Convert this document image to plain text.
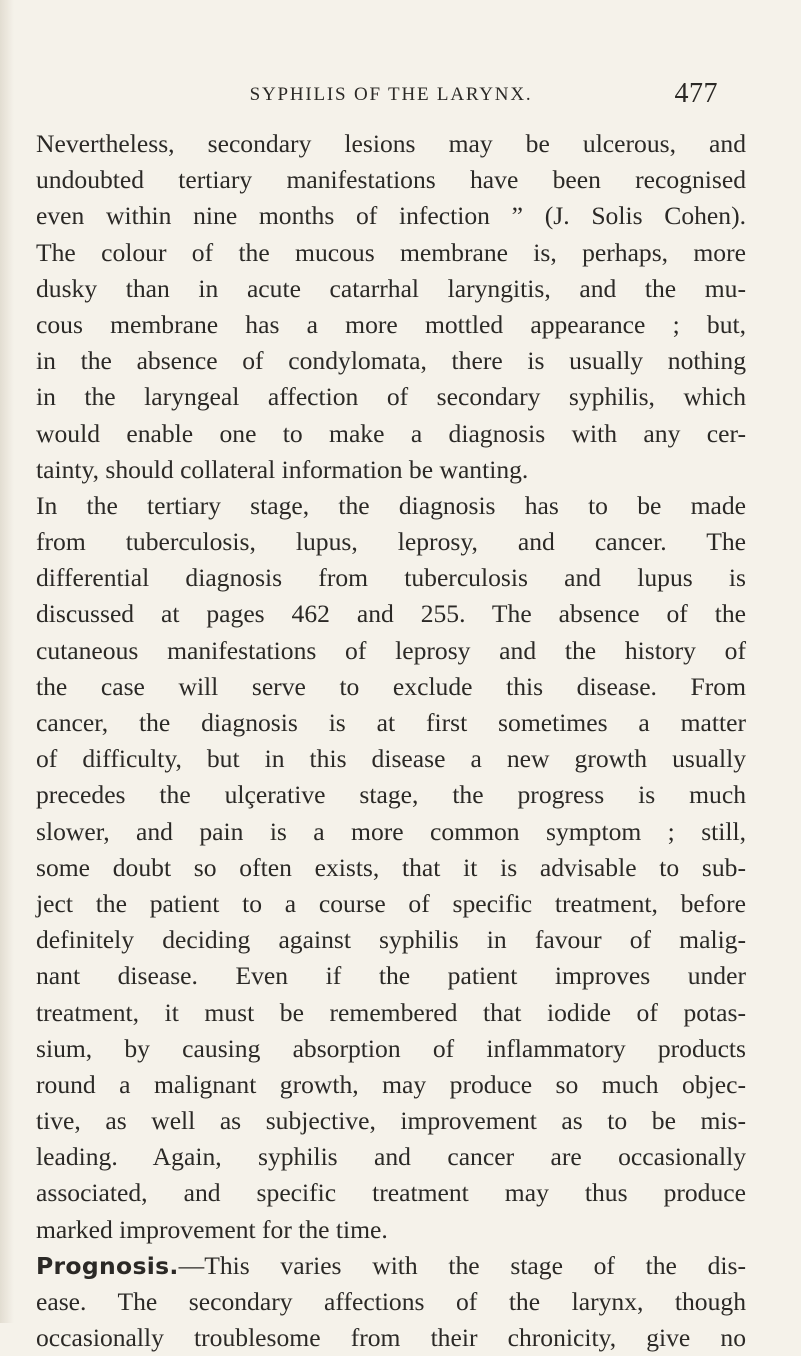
SYPHILIS OF THE LARYNX.	477
Nevertheless, secondary lesions may be ulcerous, and
undoubted tertiary manifestations have been recognised
even within nine months of infection ” (J. Solis Cohen).
The colour of the mucous membrane is, perhaps, more
dusky than in acute catarrhal laryngitis, and the mu-
cous membrane has a more mottled appearance ; but,
in the absence of condylomata, there is usually nothing
in the laryngeal affection of secondary syphilis, which
would enable one to make a diagnosis with any cer-
tainty, should collateral information be wanting.
In the tertiary stage, the diagnosis has to be made
from tuberculosis, lupus, leprosy, and cancer. The
differential diagnosis from tuberculosis and lupus is
discussed at pages 462 and 255. The absence of the
cutaneous manifestations of leprosy and the history of
the case will serve to exclude this disease. From
cancer, the diagnosis is at first sometimes a matter
of difficulty, but in this disease a new growth usually
precedes the ulçerative stage, the progress is much
slower, and pain is a more common symptom ; still,
some doubt so often exists, that it is advisable to sub-
ject the patient to a course of specific treatment, before
definitely deciding against syphilis in favour of malig-
nant disease. Even if the patient improves under
treatment, it must be remembered that iodide of potas-
sium, by causing absorption of inflammatory products
round a malignant growth, may produce so much objec-
tive, as well as subjective, improvement as to be mis-
leading. Again, syphilis and cancer are occasionally
associated, and specific treatment may thus produce
marked improvement for the time.
Prognosis.—This varies with the stage of the dis-
ease. The secondary affections of the larynx, though
occasionally troublesome from their chronicity, give no
